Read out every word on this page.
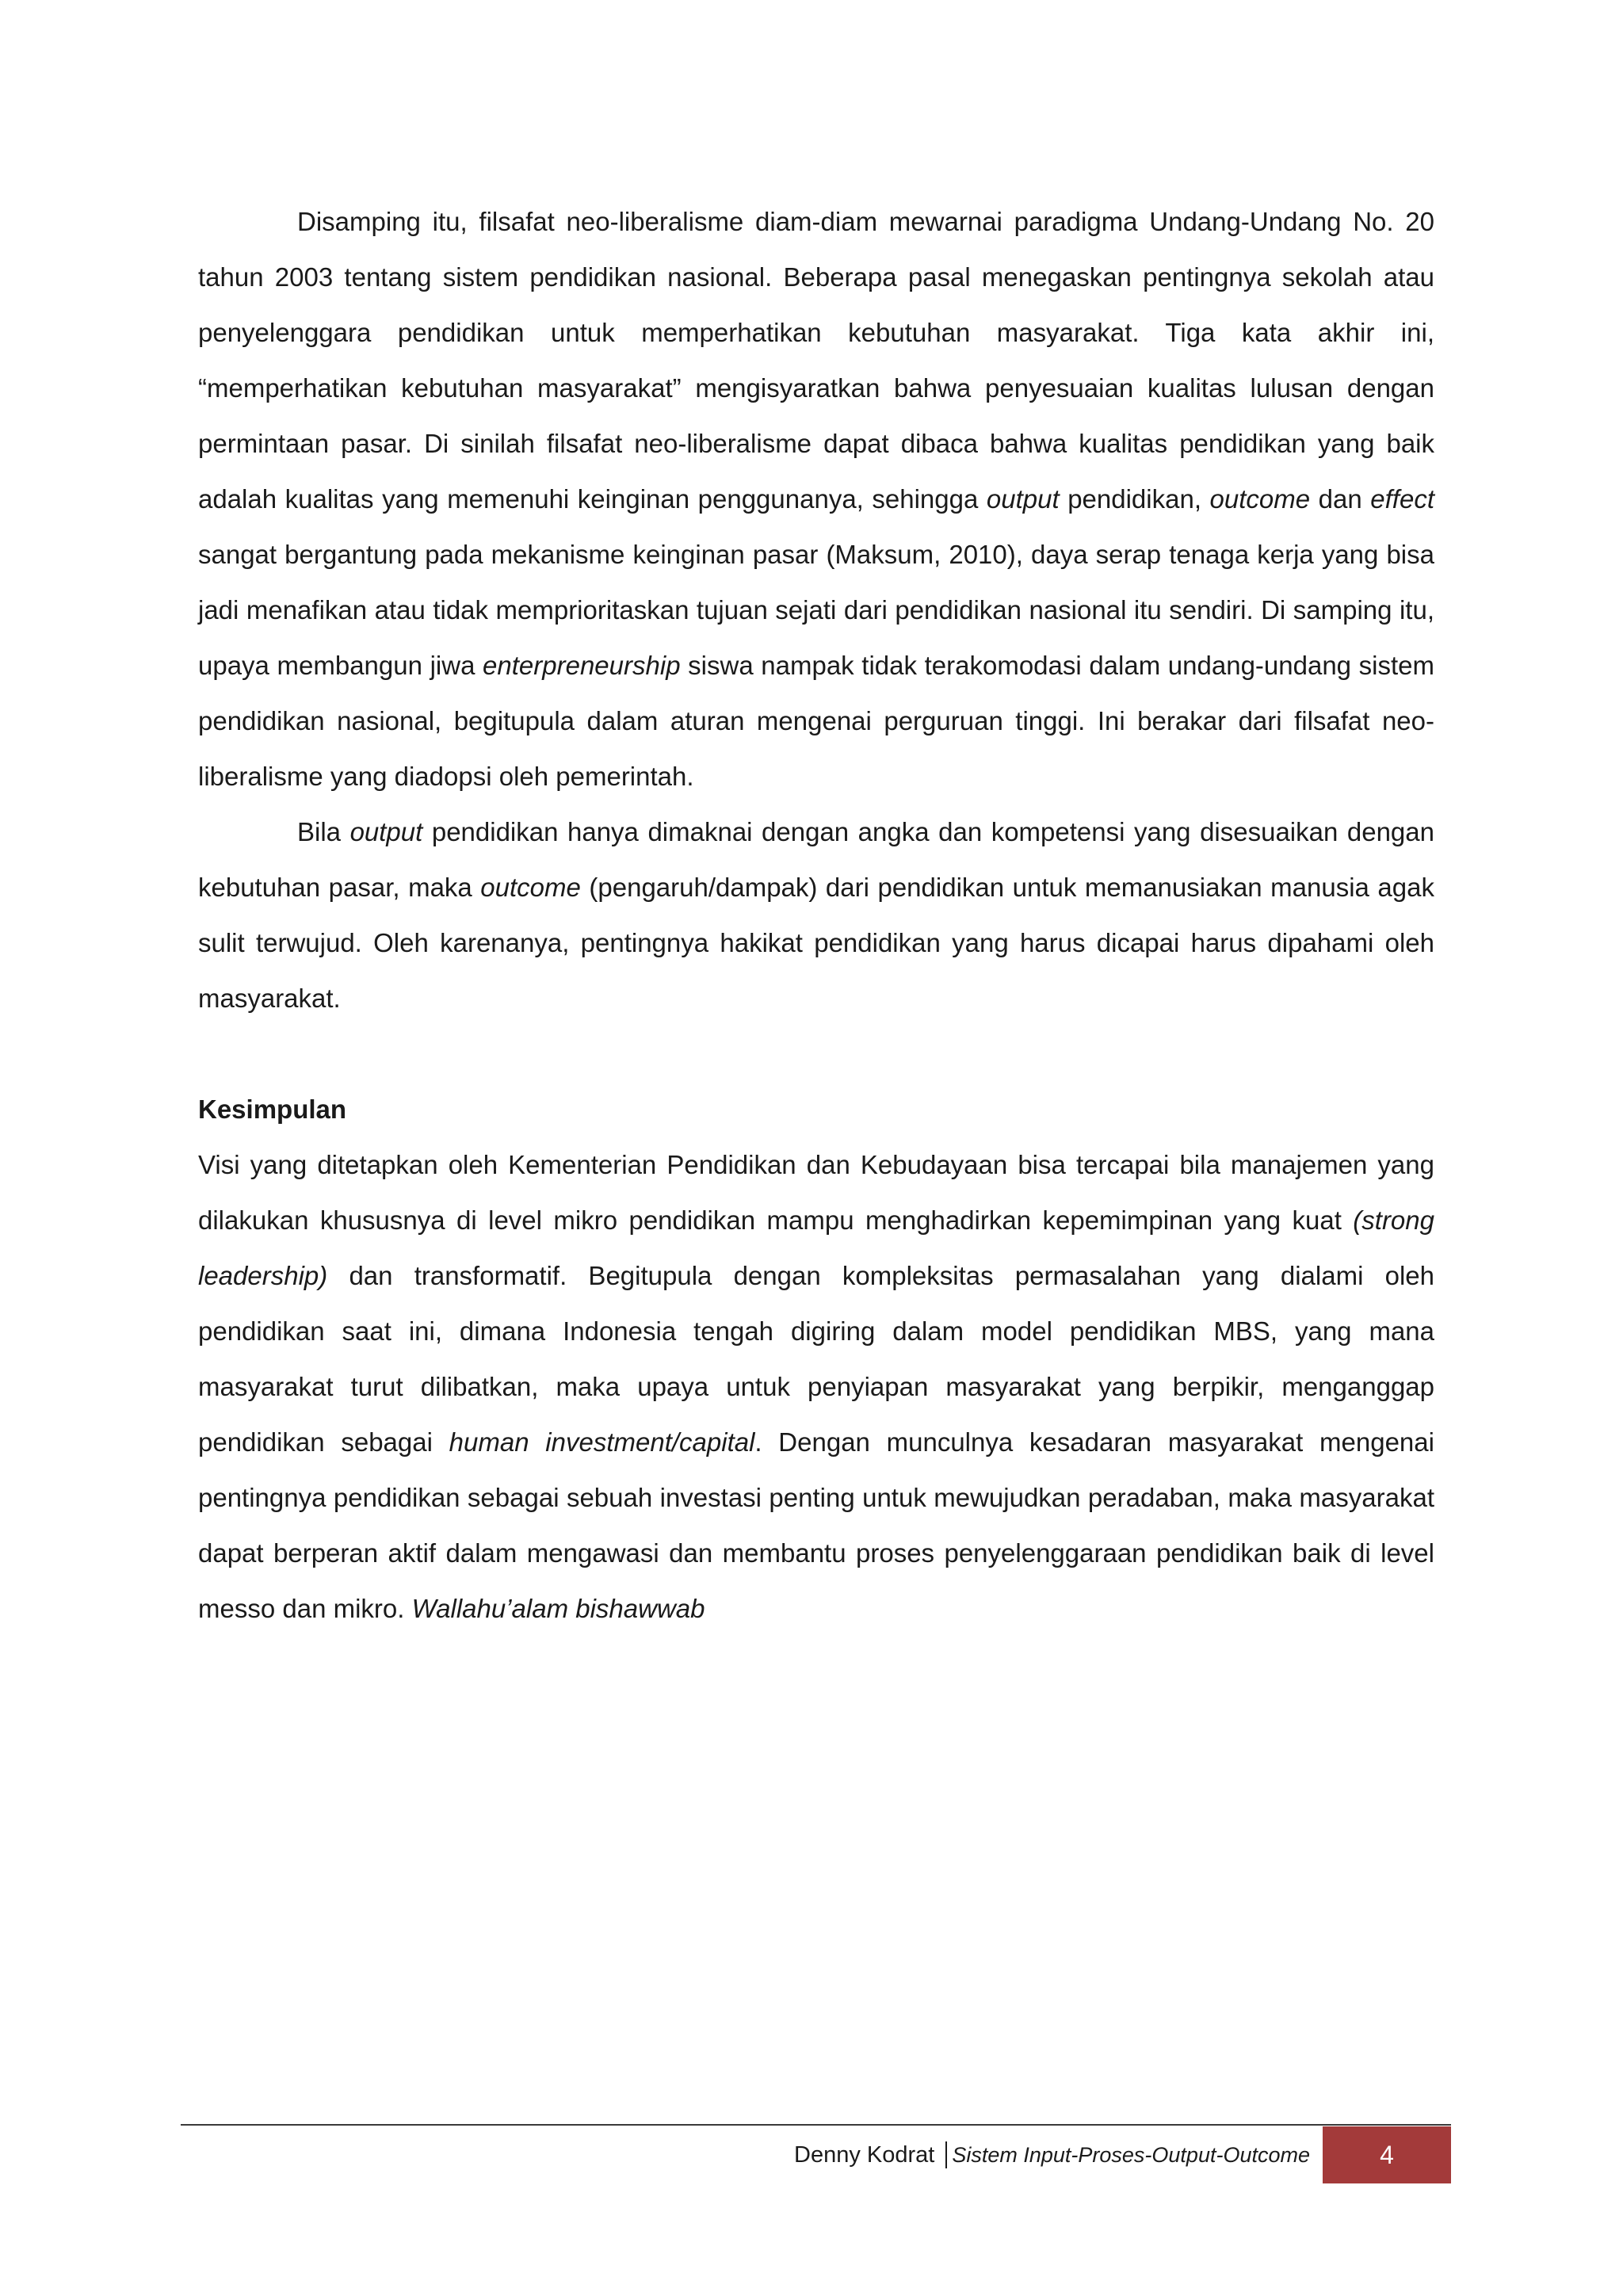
Disamping itu, filsafat neo-liberalisme diam-diam mewarnai paradigma Undang-Undang No. 20 tahun 2003 tentang sistem pendidikan nasional. Beberapa pasal menegaskan pentingnya sekolah atau penyelenggara pendidikan untuk memperhatikan kebutuhan masyarakat. Tiga kata akhir ini, “memperhatikan kebutuhan masyarakat” mengisyaratkan bahwa penyesuaian kualitas lulusan dengan permintaan pasar. Di sinilah filsafat neo-liberalisme dapat dibaca bahwa kualitas pendidikan yang baik adalah kualitas yang memenuhi keinginan penggunanya, sehingga output pendidikan, outcome dan effect sangat bergantung pada mekanisme keinginan pasar (Maksum, 2010), daya serap tenaga kerja yang bisa jadi menafikan atau tidak memprioritaskan tujuan sejati dari pendidikan nasional itu sendiri. Di samping itu, upaya membangun jiwa enterpreneurship siswa nampak tidak terakomodasi dalam undang-undang sistem pendidikan nasional, begitupula dalam aturan mengenai perguruan tinggi. Ini berakar dari filsafat neo-liberalisme yang diadopsi oleh pemerintah.

Bila output pendidikan hanya dimaknai dengan angka dan kompetensi yang disesuaikan dengan kebutuhan pasar, maka outcome (pengaruh/dampak) dari pendidikan untuk memanusiakan manusia agak sulit terwujud. Oleh karenanya, pentingnya hakikat pendidikan yang harus dicapai harus dipahami oleh masyarakat.

Kesimpulan

Visi yang ditetapkan oleh Kementerian Pendidikan dan Kebudayaan bisa tercapai bila manajemen yang dilakukan khususnya di level mikro pendidikan mampu menghadirkan kepemimpinan yang kuat (strong leadership) dan transformatif. Begitupula dengan kompleksitas permasalahan yang dialami oleh pendidikan saat ini, dimana Indonesia tengah digiring dalam model pendidikan MBS, yang mana masyarakat turut dilibatkan, maka upaya untuk penyiapan masyarakat yang berpikir, menganggap pendidikan sebagai human investment/capital. Dengan munculnya kesadaran masyarakat mengenai pentingnya pendidikan sebagai sebuah investasi penting untuk mewujudkan peradaban, maka masyarakat dapat berperan aktif dalam mengawasi dan membantu proses penyelenggaraan pendidikan baik di level messo dan mikro. Wallahu’alam bishawwab

Denny Kodrat Sistem Input-Proses-Output-Outcome	4
